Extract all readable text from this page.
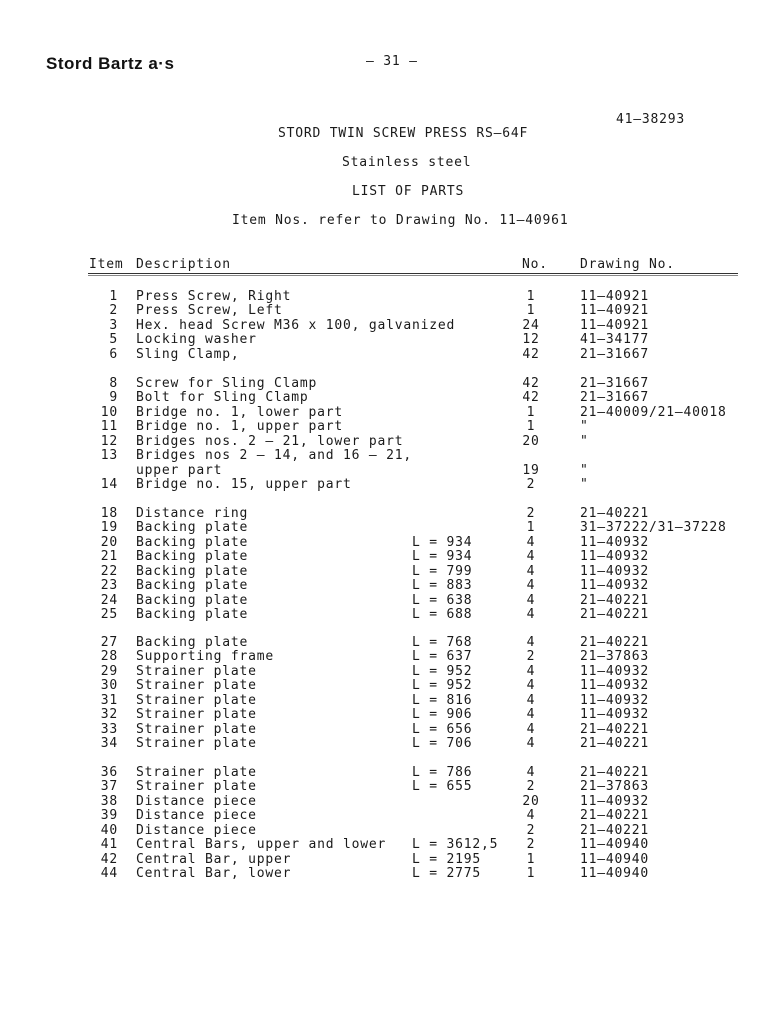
Stord Bartz a·s	– 31 –
41–38293
STORD TWIN SCREW PRESS RS–64F
Stainless steel
LIST OF PARTS
Item Nos. refer to Drawing No. 11–40961
Item Description	No. Drawing No.
1 Press Screw, Right	1	11–40921
2 Press Screw, Left	1	11–40921
3 Hex. head Screw M36 x 100, galvanized	24	11–40921
5 Locking washer	12	41–34177
6 Sling Clamp,	42	21–31667
8 Screw for Sling Clamp	42	21–31667
9 Bolt for Sling Clamp	42	21–31667
10 Bridge no. 1, lower part	1	21–40009/21–40018
11 Bridge no. 1, upper part	1	"
12 Bridges nos. 2 – 21, lower part	20	"
13 Bridges nos 2 – 14, and 16 – 21,
upper part	19	"
14 Bridge no. 15, upper part	2	"
18 Distance ring	2	21–40221
19 Backing plate	1	31–37222/31–37228
20 Backing plate	L = 934	4	11–40932
21 Backing plate	L = 934	4	11–40932
22 Backing plate	L = 799	4	11–40932
23 Backing plate	L = 883	4	11–40932
24 Backing plate	L = 638	4	21–40221
25 Backing plate	L = 688	4	21–40221
27 Backing plate	L = 768	4	21–40221
28 Supporting frame	L = 637	2	21–37863
29 Strainer plate	L = 952	4	11–40932
30 Strainer plate	L = 952	4	11–40932
31 Strainer plate	L = 816	4	11–40932
32 Strainer plate	L = 906	4	11–40932
33 Strainer plate	L = 656	4	21–40221
34 Strainer plate	L = 706	4	21–40221
36 Strainer plate	L = 786	4	21–40221
37 Strainer plate	L = 655	2	21–37863
38 Distance piece	20	11–40932
39 Distance piece	4	21–40221
40 Distance piece	2	21–40221
41 Central Bars, upper and lower L = 3612,5	2	11–40940
42 Central Bar, upper	L = 2195	1	11–40940
44 Central Bar, lower	L = 2775	1	11–40940
